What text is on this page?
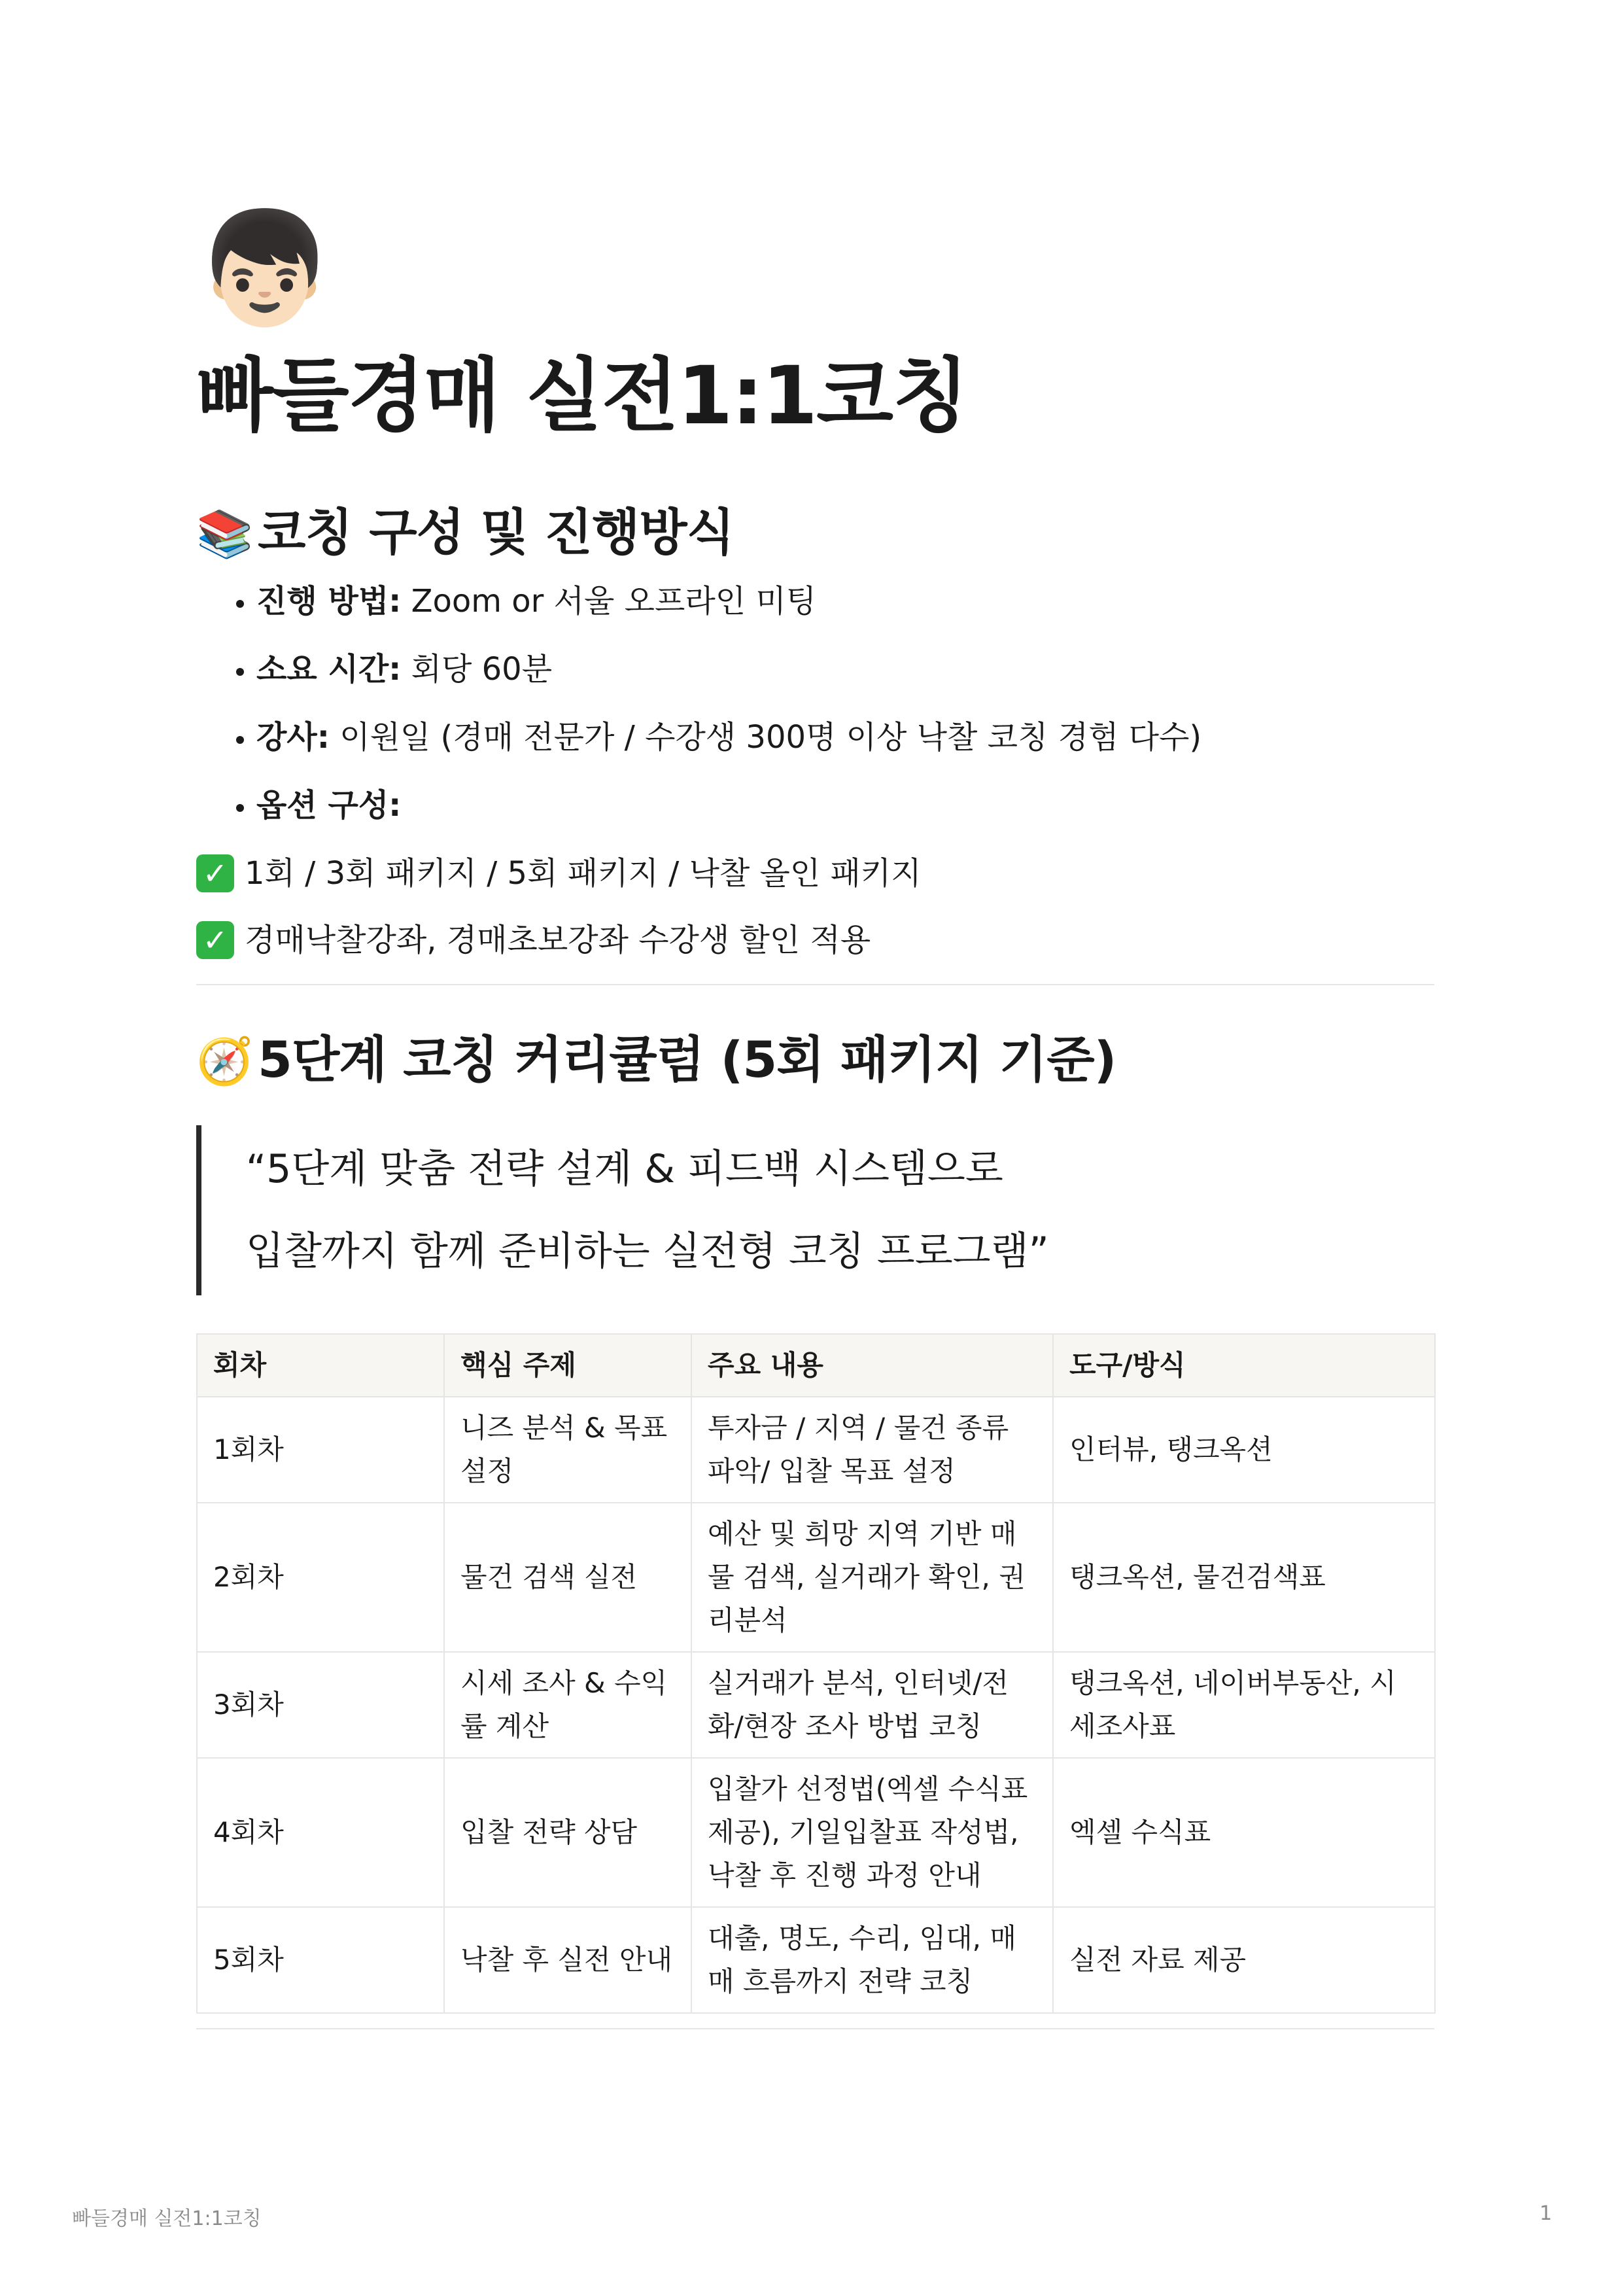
👦🏻
빠들경매 실전1:1코칭
📚 코칭 구성 및 진행방식
• 진행 방법: Zoom or 서울 오프라인 미팅
• 소요 시간: 회당 60분
• 강사: 이원일 (경매 전문가 / 수강생 300명 이상 낙찰 코칭 경험 다수)
• 옵션 구성:
✓ 1회 / 3회 패키지 / 5회 패키지 / 낙찰 올인 패키지
✓ 경매낙찰강좌, 경매초보강좌 수강생 할인 적용
🧭 5단계 코칭 커리큘럼 (5회 패키지 기준)
“5단계 맞춤 전략 설계 & 피드백 시스템으로
입찰까지 함께 준비하는 실전형 코칭 프로그램”
회차	핵심 주제	주요 내용	도구/방식
1회차	니즈 분석 & 목표 설정	투자금 / 지역 / 물건 종류 파악/ 입찰 목표 설정	인터뷰, 탱크옥션
2회차	물건 검색 실전	예산 및 희망 지역 기반 매물 검색, 실거래가 확인, 권리분석	탱크옥션, 물건검색표
3회차	시세 조사 & 수익률 계산	실거래가 분석, 인터넷/전화/현장 조사 방법 코칭	탱크옥션, 네이버부동산, 시세조사표
4회차	입찰 전략 상담	입찰가 선정법(엑셀 수식표 제공), 기일입찰표 작성법, 낙찰 후 진행 과정 안내	엑셀 수식표
5회차	낙찰 후 실전 안내	대출, 명도, 수리, 임대, 매매 흐름까지 전략 코칭	실전 자료 제공
빠들경매 실전1:1코칭	1
